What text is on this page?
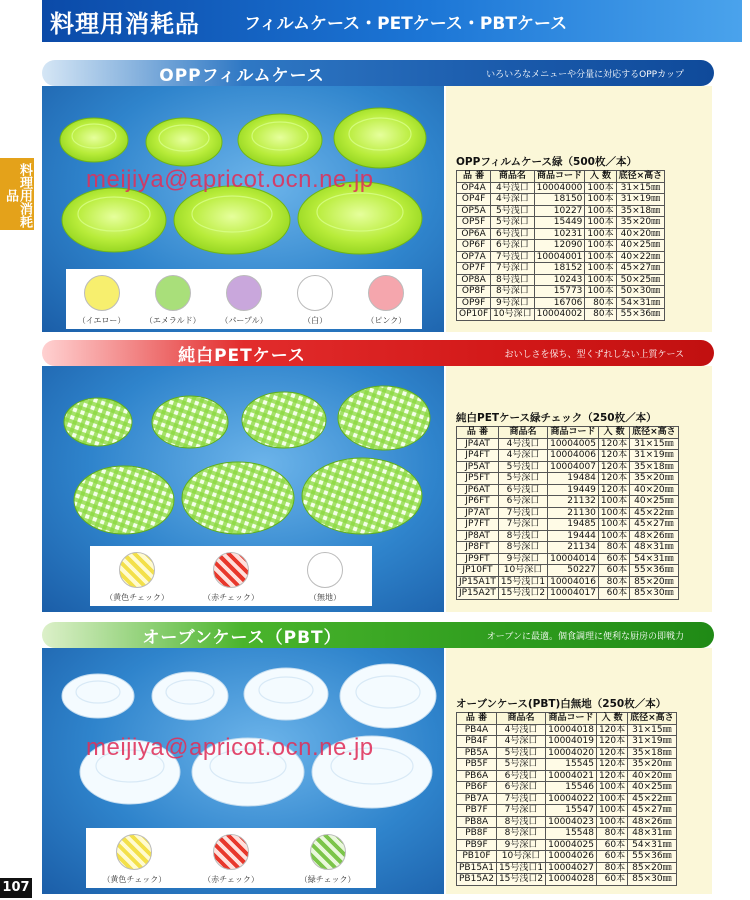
料理用消耗品	フィルムケース・PETケース・PBTケース
料理用消耗品
107
OPPフィルムケース	いろいろなメニューや分量に対応するOPPカップ
（イエロー） （エメラルド） （パープル）	（白）	（ピンク）
meijiya@apricot.ocn.ne.jp
OPPフィルムケース緑（500枚／本）
品 番	商品名	商品コード	入 数	底径×高さ
OP4A	4号浅口	10004000	100本	31×15㎜
OP4F	4号深口	18150	100本	31×19㎜
OP5A	5号浅口	10227	100本	35×18㎜
OP5F	5号深口	15449	100本	35×20㎜
OP6A	6号浅口	10231	100本	40×20㎜
OP6F	6号深口	12090	100本	40×25㎜
OP7A	7号浅口	10004001	100本	40×22㎜
OP7F	7号深口	18152	100本	45×27㎜
OP8A	8号浅口	10243	100本	50×25㎜
OP8F	8号深口	15773	100本	50×30㎜
OP9F	9号深口	16706	80本	54×31㎜
OP10F	10号深口	10004002	80本	55×36㎜
純白PETケース	おいしさを保ち、型くずれしない上質ケース
（黄色チェック）	（赤チェック）	（無地）
純白PETケース緑チェック（250枚／本）
品 番	商品名	商品コード	入 数	底径×高さ
JP4AT	4号浅口	10004005	120本	31×15㎜
JP4FT	4号深口	10004006	120本	31×19㎜
JP5AT	5号浅口	10004007	120本	35×18㎜
JP5FT	5号深口	19484	120本	35×20㎜
JP6AT	6号浅口	19449	120本	40×20㎜
JP6FT	6号深口	21132	100本	40×25㎜
JP7AT	7号浅口	21130	100本	45×22㎜
JP7FT	7号深口	19485	100本	45×27㎜
JP8AT	8号浅口	19444	100本	48×26㎜
JP8FT	8号深口	21134	80本	48×31㎜
JP9FT	9号深口	10004014	60本	54×31㎜
JP10FT	10号深口	50227	60本	55×36㎜
JP15A1T	15号浅口1	10004016	80本	85×20㎜
JP15A2T	15号浅口2	10004017	60本	85×30㎜
オーブンケース（PBT）	オーブンに最適。個食調理に便利な厨房の即戦力
（黄色チェック）	（赤チェック）	（緑チェック）
meijiya@apricot.ocn.ne.jp
オーブンケース(PBT)白無地（250枚／本）
品 番	商品名	商品コード	入 数	底径×高さ
PB4A	4号浅口	10004018	120本	31×15㎜
PB4F	4号深口	10004019	120本	31×19㎜
PB5A	5号浅口	10004020	120本	35×18㎜
PB5F	5号深口	15545	120本	35×20㎜
PB6A	6号浅口	10004021	120本	40×20㎜
PB6F	6号深口	15546	100本	40×25㎜
PB7A	7号浅口	10004022	100本	45×22㎜
PB7F	7号深口	15547	100本	45×27㎜
PB8A	8号浅口	10004023	100本	48×26㎜
PB8F	8号深口	15548	80本	48×31㎜
PB9F	9号深口	10004025	60本	54×31㎜
PB10F	10号深口	10004026	60本	55×36㎜
PB15A1	15号浅口1	10004027	80本	85×20㎜
PB15A2	15号浅口2	10004028	60本	85×30㎜
